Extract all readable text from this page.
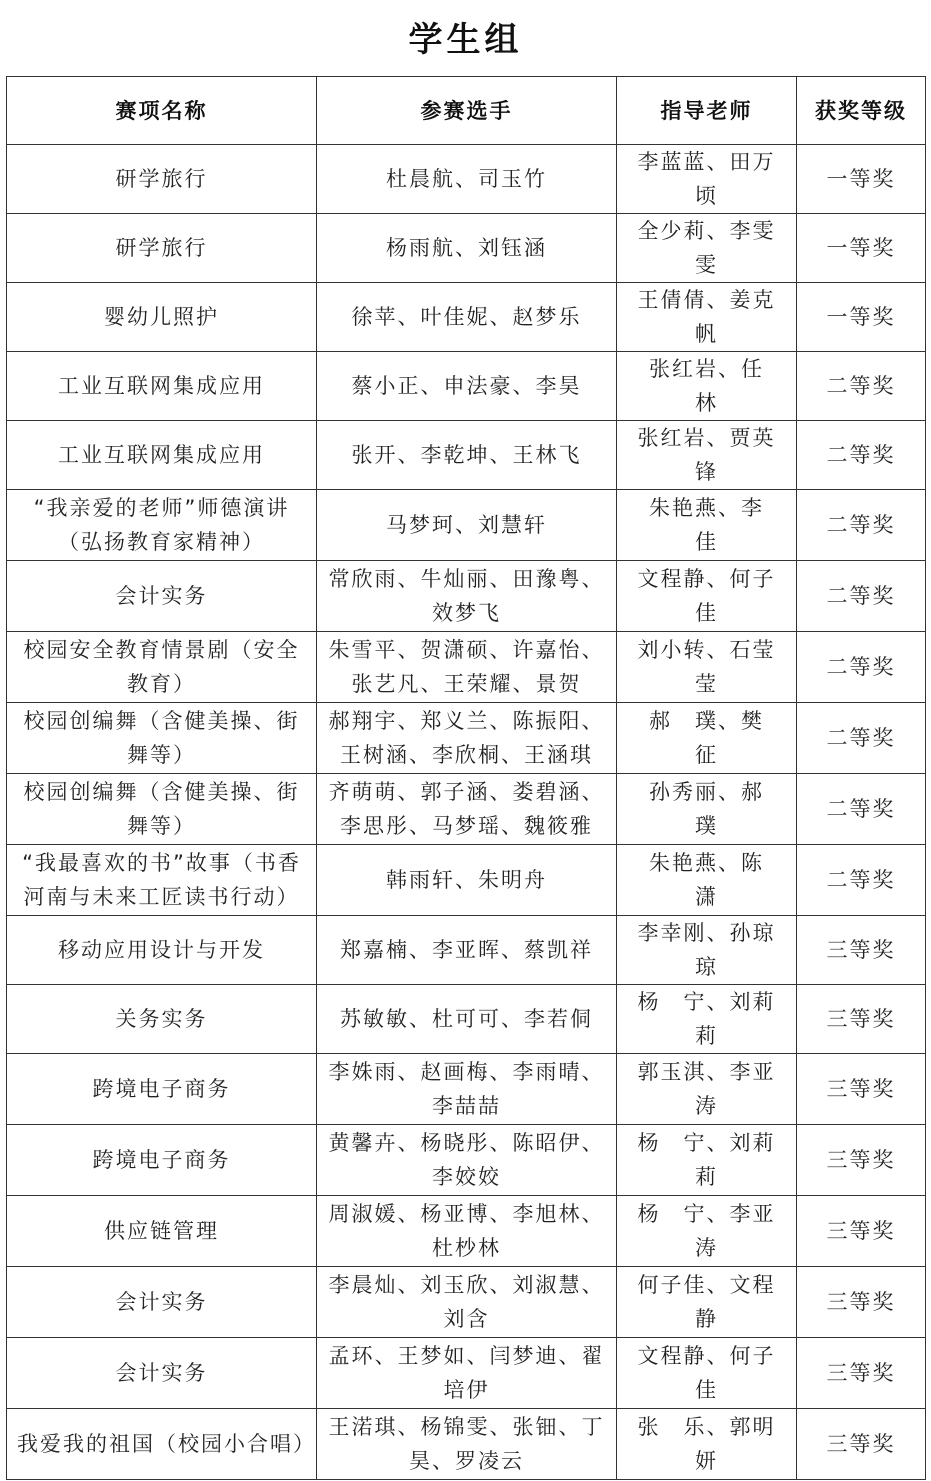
学生组
赛项名称	参赛选手	指导老师	获奖等级
研学旅行	杜晨航、司玉竹	李蓝蓝、田万顷	一等奖
研学旅行	杨雨航、刘钰涵	全少莉、李雯雯	一等奖
婴幼儿照护	徐苹、叶佳妮、赵梦乐	王倩倩、姜克帆	一等奖
工业互联网集成应用	蔡小正、申法豪、李昊	张红岩、任　林	二等奖
工业互联网集成应用	张开、李乾坤、王林飞	张红岩、贾英锋	二等奖
“我亲爱的老师”师德演讲（弘扬教育家精神）	马梦珂、刘慧轩	朱艳燕、李　佳	二等奖
会计实务	常欣雨、牛灿丽、田豫粤、效梦飞	文程静、何子佳	二等奖
校园安全教育情景剧（安全教育）	朱雪平、贺潇硕、许嘉怡、张艺凡、王荣耀、景贺	刘小转、石莹莹	二等奖
校园创编舞（含健美操、街舞等）	郝翔宇、郑义兰、陈振阳、王树涵、李欣桐、王涵琪	郝　璞、樊　征	二等奖
校园创编舞（含健美操、街舞等）	齐萌萌、郭子涵、娄碧涵、李思彤、马梦瑶、魏筱雅	孙秀丽、郝　璞	二等奖
“我最喜欢的书”故事（书香河南与未来工匠读书行动）	韩雨轩、朱明舟	朱艳燕、陈　潇	二等奖
移动应用设计与开发	郑嘉楠、李亚晖、蔡凯祥	李幸刚、孙琼琼	三等奖
关务实务	苏敏敏、杜可可、李若侗	杨　宁、刘莉莉	三等奖
跨境电子商务	李姝雨、赵画梅、李雨晴、李喆喆	郭玉淇、李亚涛	三等奖
跨境电子商务	黄馨卉、杨晓彤、陈昭伊、李姣姣	杨　宁、刘莉莉	三等奖
供应链管理	周淑媛、杨亚博、李旭林、杜杪林	杨　宁、李亚涛	三等奖
会计实务	李晨灿、刘玉欣、刘淑慧、刘含	何子佳、文程静	三等奖
会计实务	孟环、王梦如、闫梦迪、翟培伊	文程静、何子佳	三等奖
我爱我的祖国（校园小合唱）	王渃琪、杨锦雯、张钿、丁昊、罗凌云	张　乐、郭明妍	三等奖
